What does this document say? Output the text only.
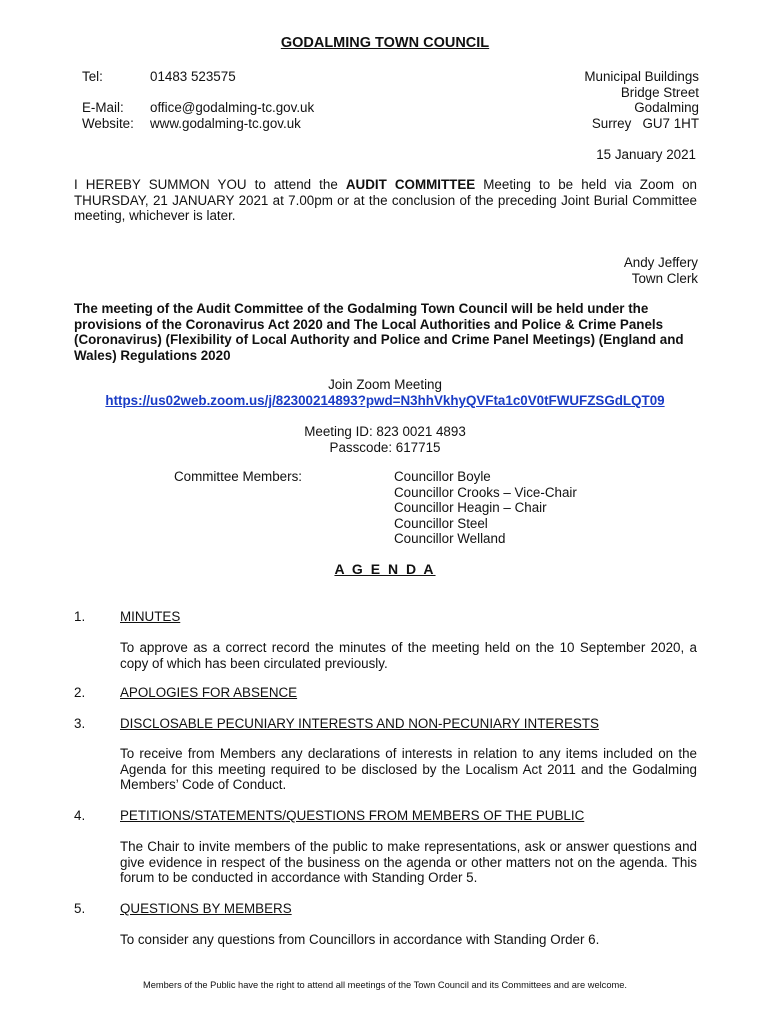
GODALMING TOWN COUNCIL
Tel:	01483 523575
E-Mail: office@godalming-tc.gov.uk
Website: www.godalming-tc.gov.uk
Municipal Buildings
Bridge Street
Godalming
Surrey   GU7 1HT
15 January 2021
I HEREBY SUMMON YOU to attend the AUDIT COMMITTEE Meeting to be held via Zoom on THURSDAY, 21 JANUARY 2021 at 7.00pm or at the conclusion of the preceding Joint Burial Committee meeting, whichever is later.
Andy Jeffery
Town Clerk
The meeting of the Audit Committee of the Godalming Town Council will be held under the provisions of the Coronavirus Act 2020 and The Local Authorities and Police & Crime Panels (Coronavirus) (Flexibility of Local Authority and Police and Crime Panel Meetings) (England and Wales) Regulations 2020
Join Zoom Meeting
https://us02web.zoom.us/j/82300214893?pwd=N3hhVkhyQVFta1c0V0tFWUFZSGdLQT09
Meeting ID: 823 0021 4893
Passcode: 617715
Committee Members:	Councillor Boyle
Councillor Crooks – Vice-Chair
Councillor Heagin – Chair
Councillor Steel
Councillor Welland
A G E N D A
1.	MINUTES
To approve as a correct record the minutes of the meeting held on the 10 September 2020, a copy of which has been circulated previously.
2.	APOLOGIES FOR ABSENCE
3.	DISCLOSABLE PECUNIARY INTERESTS AND NON-PECUNIARY INTERESTS
To receive from Members any declarations of interests in relation to any items included on the Agenda for this meeting required to be disclosed by the Localism Act 2011 and the Godalming Members’ Code of Conduct.
4.	PETITIONS/STATEMENTS/QUESTIONS FROM MEMBERS OF THE PUBLIC
The Chair to invite members of the public to make representations, ask or answer questions and give evidence in respect of the business on the agenda or other matters not on the agenda. This forum to be conducted in accordance with Standing Order 5.
5.	QUESTIONS BY MEMBERS
To consider any questions from Councillors in accordance with Standing Order 6.
Members of the Public have the right to attend all meetings of the Town Council and its Committees and are welcome.
